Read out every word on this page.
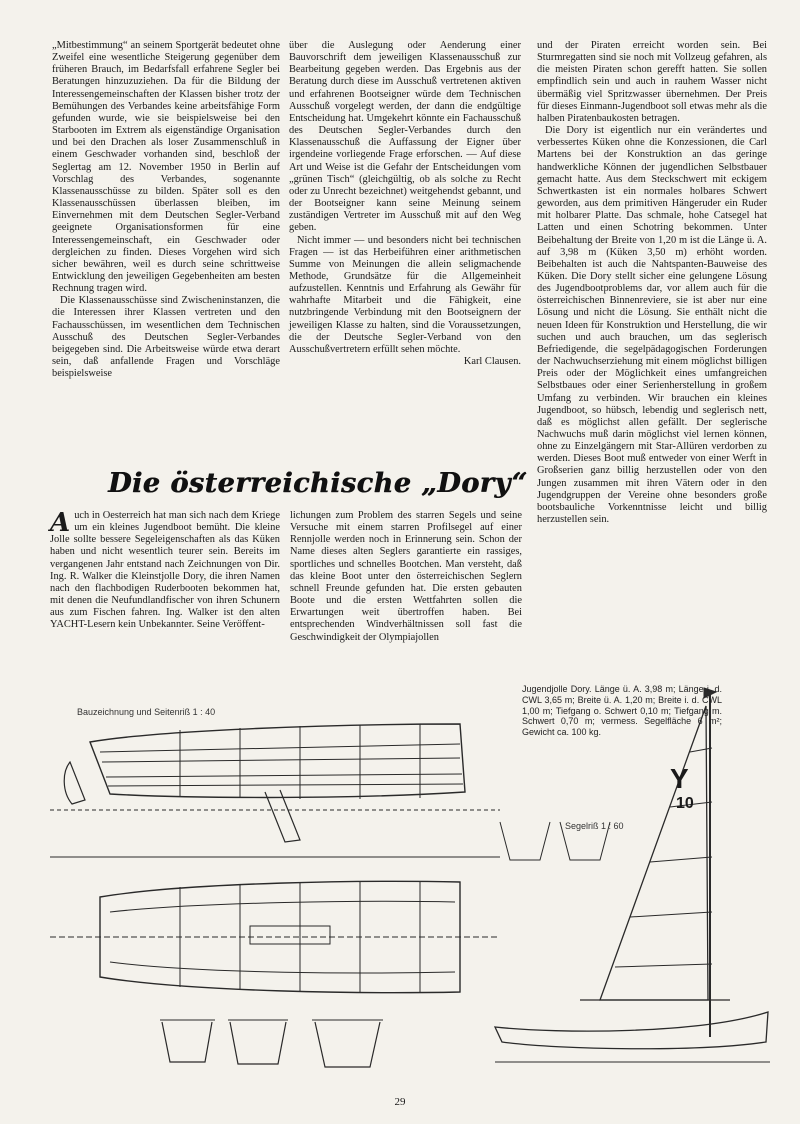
„Mitbestimmung“ an seinem Sportgerät bedeutet ohne Zweifel eine wesentliche Steigerung gegenüber dem früheren Brauch, im Bedarfsfall erfahrene Segler bei Beratungen hinzuzuziehen. Da für die Bildung der Interessengemeinschaften der Klassen bisher trotz der Bemühungen des Verbandes keine arbeitsfähige Form gefunden wurde, wie sie beispielsweise bei den Starbooten im Extrem als eigenständige Organisation und bei den Drachen als loser Zusammenschluß in einem Geschwader vorhanden sind, beschloß der Seglertag am 12. November 1950 in Berlin auf Vorschlag des Verbandes, sogenannte Klassenausschüsse zu bilden. Später soll es den Klassenausschüssen überlassen bleiben, im Einvernehmen mit dem Deutschen Segler-Verband geeignete Organisationsformen für eine Interessengemeinschaft, ein Geschwader oder dergleichen zu finden. Dieses Vorgehen wird sich sicher bewähren, weil es durch seine schrittweise Entwicklung den jeweiligen Gegebenheiten am besten Rechnung tragen wird.

Die Klassenausschüsse sind Zwischeninstanzen, die die Interessen ihrer Klassen vertreten und den Fachausschüssen, im wesentlichen dem Technischen Ausschuß des Deutschen Segler-Verbandes beigegeben sind. Die Arbeitsweise würde etwa derart sein, daß anfallende Fragen und Vorschläge beispielsweise

über die Auslegung oder Aenderung einer Bauvorschrift dem jeweiligen Klassenausschuß zur Bearbeitung gegeben werden. Das Ergebnis aus der Beratung durch diese im Ausschuß vertretenen aktiven und erfahrenen Bootseigner würde dem Technischen Ausschuß vorgelegt werden, der dann die endgültige Entscheidung hat. Umgekehrt könnte ein Fachausschuß des Deutschen Segler-Verbandes durch den Klassenausschuß die Auffassung der Eigner über irgendeine vorliegende Frage erforschen. — Auf diese Art und Weise ist die Gefahr der Entscheidungen vom „grünen Tisch“ (gleichgültig, ob als solche zu Recht oder zu Unrecht bezeichnet) weitgehendst gebannt, und der Bootseigner kann seine Meinung seinem zuständigen Vertreter im Ausschuß mit auf den Weg geben.

Nicht immer — und besonders nicht bei technischen Fragen — ist das Herbeiführen einer arithmetischen Summe von Meinungen die allein seligmachende Methode, Grundsätze für die Allgemeinheit aufzustellen. Kenntnis und Erfahrung als Gewähr für wahrhafte Mitarbeit und die Fähigkeit, eine nutzbringende Verbindung mit den Bootseignern der jeweiligen Klasse zu halten, sind die Voraussetzungen, die der Deutsche Segler-Verband von den Ausschußvertretern erfüllt sehen möchte.

Karl Clausen.

und der Piraten erreicht worden sein. Bei Sturmregatten sind sie noch mit Vollzeug gefahren, als die meisten Piraten schon gerefft hatten. Sie sollen empfindlich sein und auch in rauhem Wasser nicht übermäßig viel Spritzwasser übernehmen. Der Preis für dieses Einmann-Jugendboot soll etwas mehr als die halben Piratenbaukosten betragen.

Die Dory ist eigentlich nur ein verändertes und verbessertes Küken ohne die Konzessionen, die Carl Martens bei der Konstruktion an das geringe handwerkliche Können der jugendlichen Selbstbauer gemacht hatte. Aus dem Steckschwert mit eckigem Schwertkasten ist ein normales holbares Schwert geworden, aus dem primitiven Hängeruder ein Ruder mit holbarer Platte. Das schmale, hohe Catsegel hat Latten und einen Schotring bekommen. Unter Beibehaltung der Breite von 1,20 m ist die Länge ü. A. auf 3,98 m (Küken 3,50 m) erhöht worden. Beibehalten ist auch die Nahtspanten-Bauweise des Küken. Die Dory stellt sicher eine gelungene Lösung des Jugendbootproblems dar, vor allem auch für die österreichischen Binnenreviere, sie ist aber nur eine Lösung und nicht die Lösung. Sie enthält nicht die neuen Ideen für Konstruktion und Herstellung, die wir suchen und auch brauchen, um das seglerisch Befriedigende, die segelpädagogischen Forderungen der Nachwuchserziehung mit einem möglichst billigen Preis oder der Möglichkeit eines umfangreichen Selbstbaues oder einer Serienherstellung in großem Umfang zu verbinden. Wir brauchen ein kleines Jugendboot, so hübsch, lebendig und seglerisch nett, daß es möglichst allen gefällt. Der seglerische Nachwuchs muß darin möglichst viel lernen können, ohne zu Einzelgängern mit Star-Allüren verdorben zu werden. Dieses Boot muß entweder von einer Werft in Großserien ganz billig herzustellen oder von den Jungen zusammen mit ihren Vätern oder in den Jugendgruppen der Vereine ohne besonders große bootsbauliche Vorkenntnisse leicht und billig herzustellen sein.

Die österreichische „Dory“

Auch in Oesterreich hat man sich nach dem Kriege um ein kleines Jugendboot bemüht. Die kleine Jolle sollte bessere Segeleigenschaften als das Küken haben und nicht wesentlich teurer sein. Bereits im vergangenen Jahr entstand nach Zeichnungen von Dir. Ing. R. Walker die Kleinstjolle Dory, die ihren Namen nach den flachbodigen Ruderbooten bekommen hat, mit denen die Neufundlandfischer von ihren Schunern aus zum Fischen fahren. Ing. Walker ist den alten YACHT-Lesern kein Unbekannter. Seine Veröffent-

lichungen zum Problem des starren Segels und seine Versuche mit einem starren Profilsegel auf einer Rennjolle werden noch in Erinnerung sein. Schon der Name dieses alten Seglers garantierte ein rassiges, sportliches und schnelles Bootchen. Man versteht, daß das kleine Boot unter den österreichischen Seglern schnell Freunde gefunden hat. Die ersten gebauten Boote und die ersten Wettfahrten sollen die Erwartungen weit übertroffen haben. Bei entsprechenden Windverhältnissen soll fast die Geschwindigkeit der Olympiajollen

Y
10
Bauzeichnung und Seitenriß 1 : 40
Segelriß 1 : 60
Jugendjolle Dory. Länge ü. A. 3,98 m; Länge i. d. CWL 3,65 m; Breite ü. A. 1,20 m; Breite i. d. CWL 1,00 m; Tiefgang o. Schwert 0,10 m; Tiefgang m. Schwert 0,70 m; vermess. Segelfläche 6 m²; Gewicht ca. 100 kg.
29
